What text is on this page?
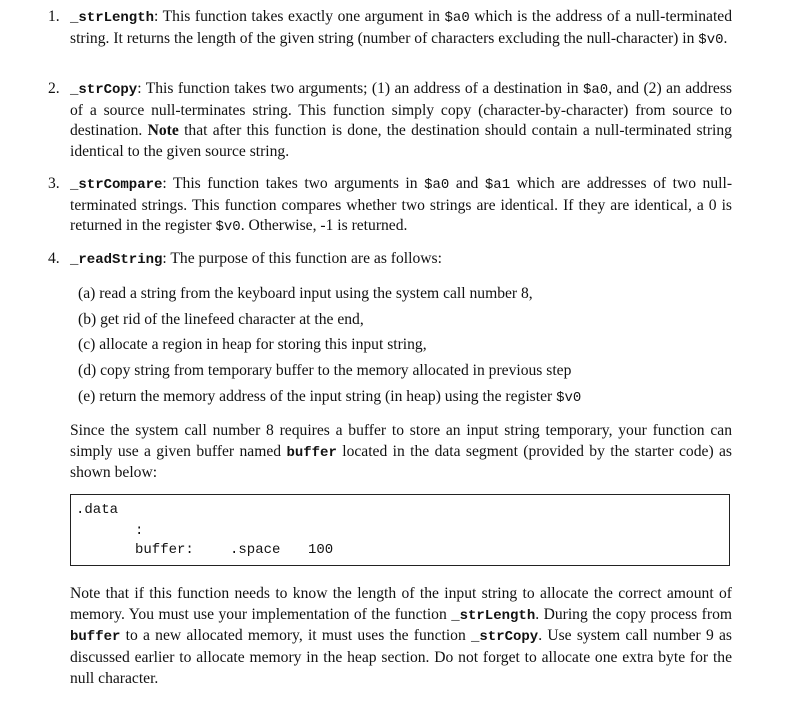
1. _strLength: This function takes exactly one argument in $a0 which is the address of a null-terminated string. It returns the length of the given string (number of characters excluding the null-character) in $v0.

2. _strCopy: This function takes two arguments; (1) an address of a destination in $a0, and (2) an address of a source null-terminates string. This function simply copy (character-by-character) from source to destination. Note that after this function is done, the destination should contain a null-terminated string identical to the given source string.

3. _strCompare: This function takes two arguments in $a0 and $a1 which are addresses of two null-terminated strings. This function compares whether two strings are identical. If they are identical, a 0 is returned in the register $v0. Otherwise, -1 is returned.

4. _readString: The purpose of this function are as follows:

(a) read a string from the keyboard input using the system call number 8,
(b) get rid of the linefeed character at the end,
(c) allocate a region in heap for storing this input string,
(d) copy string from temporary buffer to the memory allocated in previous step
(e) return the memory address of the input string (in heap) using the register $v0

Since the system call number 8 requires a buffer to store an input string temporary, your function can simply use a given buffer named buffer located in the data segment (provided by the starter code) as shown below:

.data
:
buffer:	.space 100

Note that if this function needs to know the length of the input string to allocate the correct amount of memory. You must use your implementation of the function _strLength. During the copy process from buffer to a new allocated memory, it must uses the function _strCopy. Use system call number 9 as discussed earlier to allocate memory in the heap section. Do not forget to allocate one extra byte for the null character.
